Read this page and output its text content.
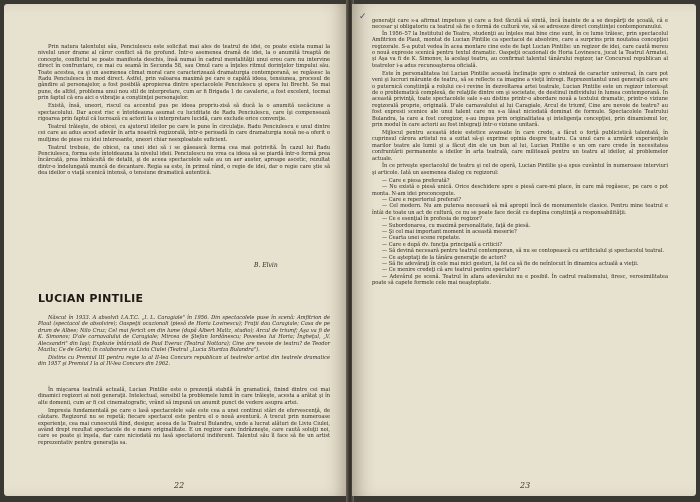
Prin natura talentului său, Penciulescu este solicitat mai ales de teatrul de idei, ce poate exista numai la nivelul unor drame al căror conflict să fie profund. Într-o asemenea dramă de idei, la o anumită treaptă de concepte, conflictul se poate manifesta deschis, însă numai în cadrul mentalităţii unui erou care nu intervine direct în confruntare, ce mai cu seamă în Secunda 58, sau Omul care a înţeles ritmul dorinţelor timpului său. Toate acestea, ca şi un asemenea climat moral care caracterizează dramaturgia contemporană, se regăsesc la Radu Penciulescu în mod direct. Astfel, prin valoarea maximă pe care o capătă ideea, tensiunea, procesul de gândire al personajelor, a fost posibilă apropierea dintre spectacolele Penciulescu şi opera lui Brecht. Se mai pune, de altfel, problema unui nou stil de interpretare, cum ar fi Brigada 1 de cavalerie, a fost excelent, tocmai prin faptul că era aici o vibraţie a conştiinţei personajelor.

Există, însă, uneori, riscul ca accentul pus pe ideea propriu-zisă să ducă la o anumită uscăciune a spectacolului. Dar acest risc e întotdeauna asumat cu luciditate de Radu Penciulescu, care îşi compensează rigoarea prin faptul că lucrează cu actorii la o interpretare lucidă, care exclude orice convenţie.

Teatrul trăieşte, de obicei, cu ajutorul ideilor pe care le pune în circulaţie. Radu Penciulescu e unul dintre cei care au adus acest adevăr în arta noastră regizorală, într-o perioadă în care dramaturgia nouă ne-a oferit o mulţime de piese cu idei interesante, uneori chiar neexploatate suficient.

Teatrul trebuie, de obicei, ca unei idei să i se găsească forma cea mai potrivită. În cazul lui Radu Penciulescu, forma este întotdeauna la nivelul ideii. Penciulescu nu vrea ca ideea să se piardă într-o formă prea încărcată, prea îmbâcsită de detalii, şi de aceea spectacolele sale au un aer auster, aproape ascetic, rezultat dintr-o îndelungată muncă de decantare. Regia sa este, în primul rând, o regie de idei, dar o regie care ştie să dea ideilor o viaţă scenică intensă, o tensiune dramatică autentică.

B. Elvin
LUCIAN PINTILIE

Născut în 1933. A absolvit I.A.T.C. „I. L. Caragiale" în 1956. Din spectacolele puse în scenă: Amfitrion de Plaut (spectacol de absolvire); Oaspeţii ocazionali (piesă de Horia Lovinescu); Fraţii dau Caragiale; Casa de pe drum de Albee; Nilo Cruz; Cel mai fericit om din lume (după Albert Maltz, studio); Arcul de triumf; Aşa va fi de K. Simonov; D'ale carnavalului de Caragiale; Mircea de Ştefan Iordănescu; Povestea lui Horia; Îngheţul, „V. Alecsandri" din Iaşi; Explozie întârziată de Paul Everac (Teatrul Nottara); Cine are nevoie de teatru? de Teodor Mazilu; Ce de Gorki; în colaborare cu Liviu Ciulei (Teatrul „Lucia Sturdza Bulandra").

Distins cu Premiul III pentru regie la al II-lea Concurs republican al teatrelor artist din teatrele dramatice din 1957 şi Premiul I la al IV-lea Concurs din 1962.

În mişcarea teatrală actuală, Lucian Pintilie este o prezenţă stabilă în gramatică, finind dintre cei mai dinamici regizori ai noii generaţii. Intelectual, sensibil la problemele lumii în care trăieşte, acesta a arătat şi în alte domenii, cum ar fi cel cinematografic, vrând să impună un anumit punct de vedere asupra artei.

Impresia fundamentală pe care o lasă spectacolele sale este cea a unei continui stări de efervescenţă, de căutare. Regizorul nu se repetă; fiecare spectacol este pentru el o nouă aventură. A trecut prin numeroase experienţe, cea mai cunoscută fiind, desigur, aceea de la Teatrul Bulandra, unde a lucrat alături de Liviu Ciulei, având drept rezultat spectacole de o mare originalitate. E un regizor care îndrăzneşte, care caută soluţii noi, care se poate şi înşela, dar care niciodată nu lasă spectatorul indiferent. Talentul său îl face să fie un artist reprezentativ pentru generaţia sa.

22
✓ generaţii care s-a afirmat impetuos şi care a fost făcută să simtă, încă înainte de a se despărţi de şcoală, că e necesar şi obligatoriu ca teatrul să fie o formă de cultură vie, să se adreseze direct conştiinţei contemporanului.

În 1956–57 la Institutul de Teatru, studenţii au înţeles mai bine cine sunt, în ce lume trăiesc, prin spectacolul Amfitrion de Plaut, montat de Lucian Pintilie ca spectacol de absolvire, care a surprins prin noutatea concepţiei regizorale. S-a putut vedea în acea montare cine este de fapt Lucian Pintilie: un regizor de idei, care caută mereu o nouă expresie scenică pentru textul dramatic. Oaspeţii ocazionali de Horia Lovinescu, jucat la Teatrul Armatei, şi Aşa va fi de K. Simonov, la acelaşi teatru, au confirmat talentul tânărului regizor, iar Concursul republican al teatrelor i-a adus recunoaşterea oficială.

Este în personalitatea lui Lucian Pintilie această înclinaţie spre o sinteză de caracter universal, în care pot veni şi lucruri mărunte de teatru, să se reflecte ca imagine a vieţii întregi. Reprezentantul unei generaţii care are o puternică conştiinţă a rolului ce-i revine în dezvoltarea artei teatrale, Lucian Pintilie este un regizor interesat de o problematică complexă, de relaţiile dintre om şi societate, de destinul individului în lumea contemporană. În această privinţă, toate spectacolele sale s-au distins printr-o abordare nouă a textului dramatic, printr-o viziune regizorală proprie, originală. D'ale carnavalului al lui Caragiale, Arcul de triumf, Cine are nevoie de teatru? au fost expresii scenice ale unui talent care nu s-a lăsat niciodată dominat de formule. Spectacolele Teatrului Bulandra, la care a fost coregizor, s-au impus prin originalitatea şi inteligenţa concepţiei, prin dinamismul lor, prin modul în care actorii au fost integraţi într-o viziune unitară.

Mijlocul pentru această ideie estetice avansate în care crede, a făcut o forţă publicistică talentată, în cuprinsul cărora artistul nu a ezitat să-şi exprime opinia despre teatru. Ca unul care a urmărit experienţele marilor teatre ale lumii şi a făcut din ele un bun al lui, Lucian Pintilie e un om care crede în necesitatea confruntării permanente a ideilor în arta teatrală, care militează pentru un teatru al ideilor, al problemelor actuale.

În ce priveşte spectacolul de teatru şi cel de operă, Lucian Pintilie şi-a spus cuvântul în numeroase interviuri şi articole. Iată un asemenea dialog cu regizorul:

— Care e piesa preferată?

— Nu există o piesă unică. Orice deschidere spre o piesă care-mi place, în care mă regăsesc, pe care o pot monta. N-am idei preconcepute.

— Care e repertoriul preferat?

— Cel modern. Nu am puterea necesară să mă apropii încă de monumentele clasice. Pentru mine teatrul e întâi de toate un act de cultură, ce nu se poate face decât cu deplina conştiinţă a responsabilităţii.

— Ce e esenţial în profesia de regizor?

— Subordonarea, cu maximă personalitate, faţă de piesă.

— Şi cel mai important moment în această meserie?

— Cearta unei scene repetate.

— Care e după dv. funcţia principală a criticii?

— Să devină necesară pentru teatrul contemporan, să nu se contopească cu artificialul şi spectacolul teatral.

— Ce aşteptaţi de la tânăra generaţie de actori?

— Să fie adevăraţi în cele mai mici gesturi, la fel ca să fie de neînlocuit în dinamica actuală a vieţii.

— Ce menire credeţi că are teatrul pentru spectator?

— Adevărul pe scenă. Teatrul în afara adevărului nu e posibil. În cadrul realismului, firesc, verosimilitatea poate să capete formele cele mai neaşteptate.

23
